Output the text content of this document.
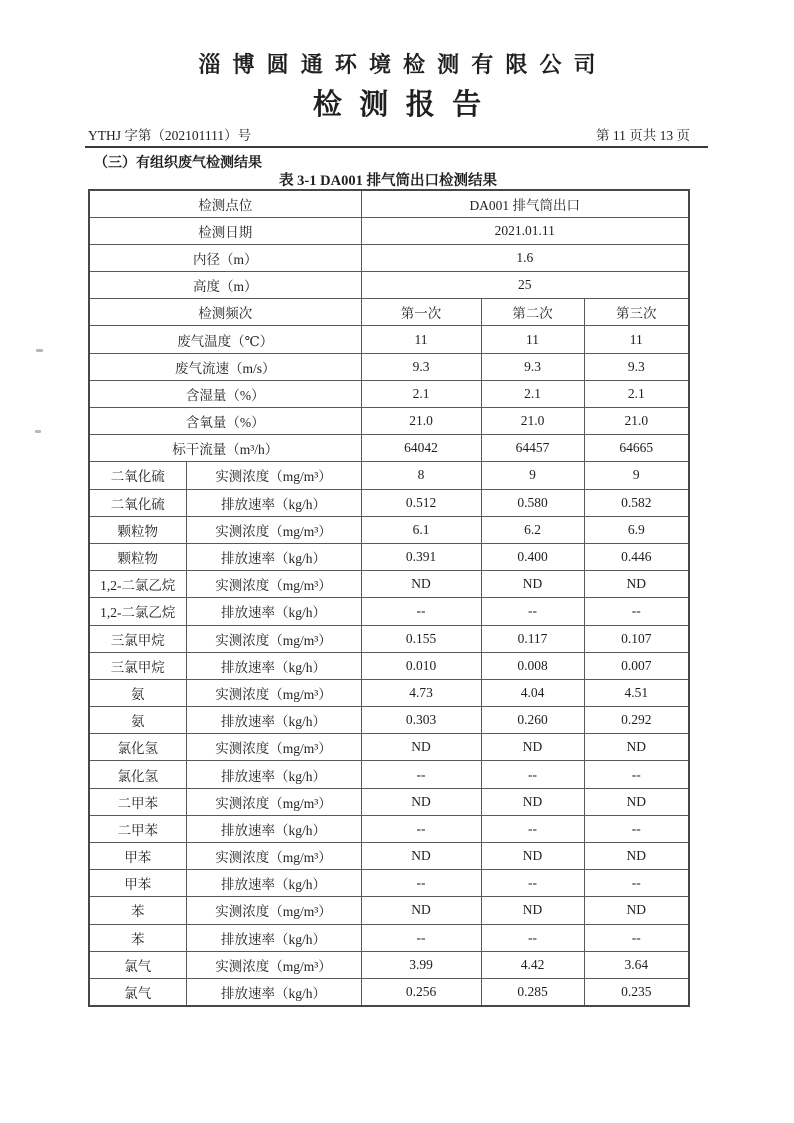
淄博圆通环境检测有限公司
检测报告
YTHJ 字第（202101111）号	第 11 页共 13 页
（三）有组织废气检测结果
表 3-1 DA001 排气筒出口检测结果
检测点位		DA001 排气筒出口		
检测日期		2021.01.11		
内径（m）		1.6		
高度（m）		25		
检测频次		第一次	第二次	第三次
废气温度（℃）		11	11	11
废气流速（m/s）		9.3	9.3	9.3
含湿量（%）		2.1	2.1	2.1
含氧量（%）		21.0	21.0	21.0
标干流量（m³/h）		64042	64457	64665
二氧化硫	实测浓度（mg/m³）	8	9	9
二氧化硫	排放速率（kg/h）	0.512	0.580	0.582
颗粒物	实测浓度（mg/m³）	6.1	6.2	6.9
颗粒物	排放速率（kg/h）	0.391	0.400	0.446
1,2-二氯乙烷	实测浓度（mg/m³）	ND	ND	ND
1,2-二氯乙烷	排放速率（kg/h）	--	--	--
三氯甲烷	实测浓度（mg/m³）	0.155	0.117	0.107
三氯甲烷	排放速率（kg/h）	0.010	0.008	0.007
氨	实测浓度（mg/m³）	4.73	4.04	4.51
氨	排放速率（kg/h）	0.303	0.260	0.292
氯化氢	实测浓度（mg/m³）	ND	ND	ND
氯化氢	排放速率（kg/h）	--	--	--
二甲苯	实测浓度（mg/m³）	ND	ND	ND
二甲苯	排放速率（kg/h）	--	--	--
甲苯	实测浓度（mg/m³）	ND	ND	ND
甲苯	排放速率（kg/h）	--	--	--
苯	实测浓度（mg/m³）	ND	ND	ND
苯	排放速率（kg/h）	--	--	--
氯气	实测浓度（mg/m³）	3.99	4.42	3.64
氯气	排放速率（kg/h）	0.256	0.285	0.235
